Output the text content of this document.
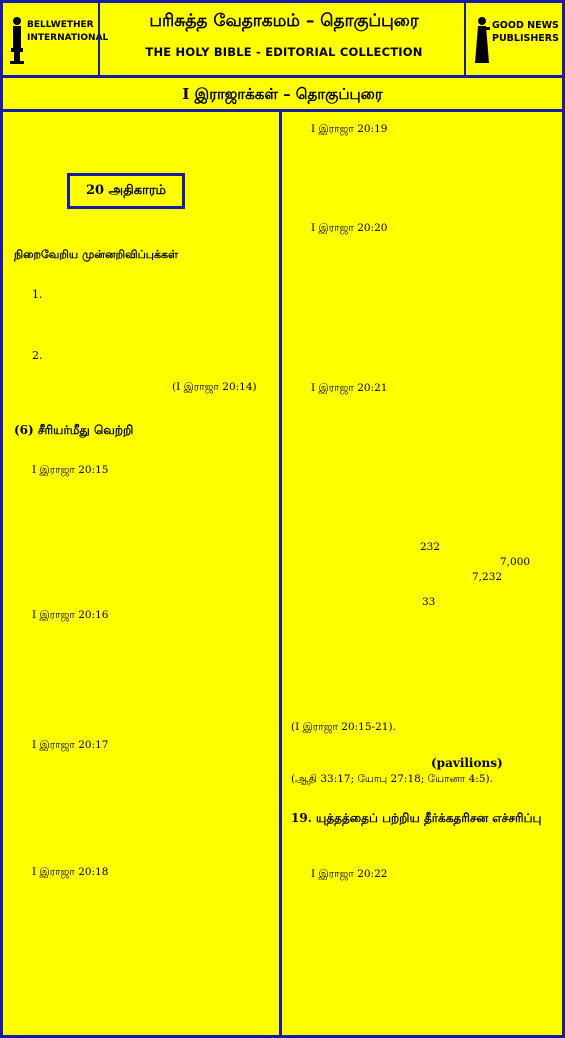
BELLWETHER
INTERNATIONAL
பரிசுத்த வேதாகமம் – தொகுப்புரை
THE HOLY BIBLE - EDITORIAL COLLECTION
GOOD NEWS
PUBLISHERS
I இராஜாக்கள் – தொகுப்புரை
20 அதிகாரம்
நிறைவேறிய முன்னறிவிப்புக்கள்
1.
2.
(I இராஜா 20:14)
(6) சீரியர்மீது வெற்றி
I இராஜா 20:15
I இராஜா 20:16
I இராஜா 20:17
I இராஜா 20:18
I இராஜா 20:19
I இராஜா 20:20
I இராஜா 20:21
232
7,000
7,232
33
(I இராஜா 20:15-21).
(pavilions)
(ஆதி 33:17; யோபு 27:18; யோனா 4:5).
19. யுத்தத்தைப் பற்றிய தீர்க்கதரிசன எச்சரிப்பு
I இராஜா 20:22
